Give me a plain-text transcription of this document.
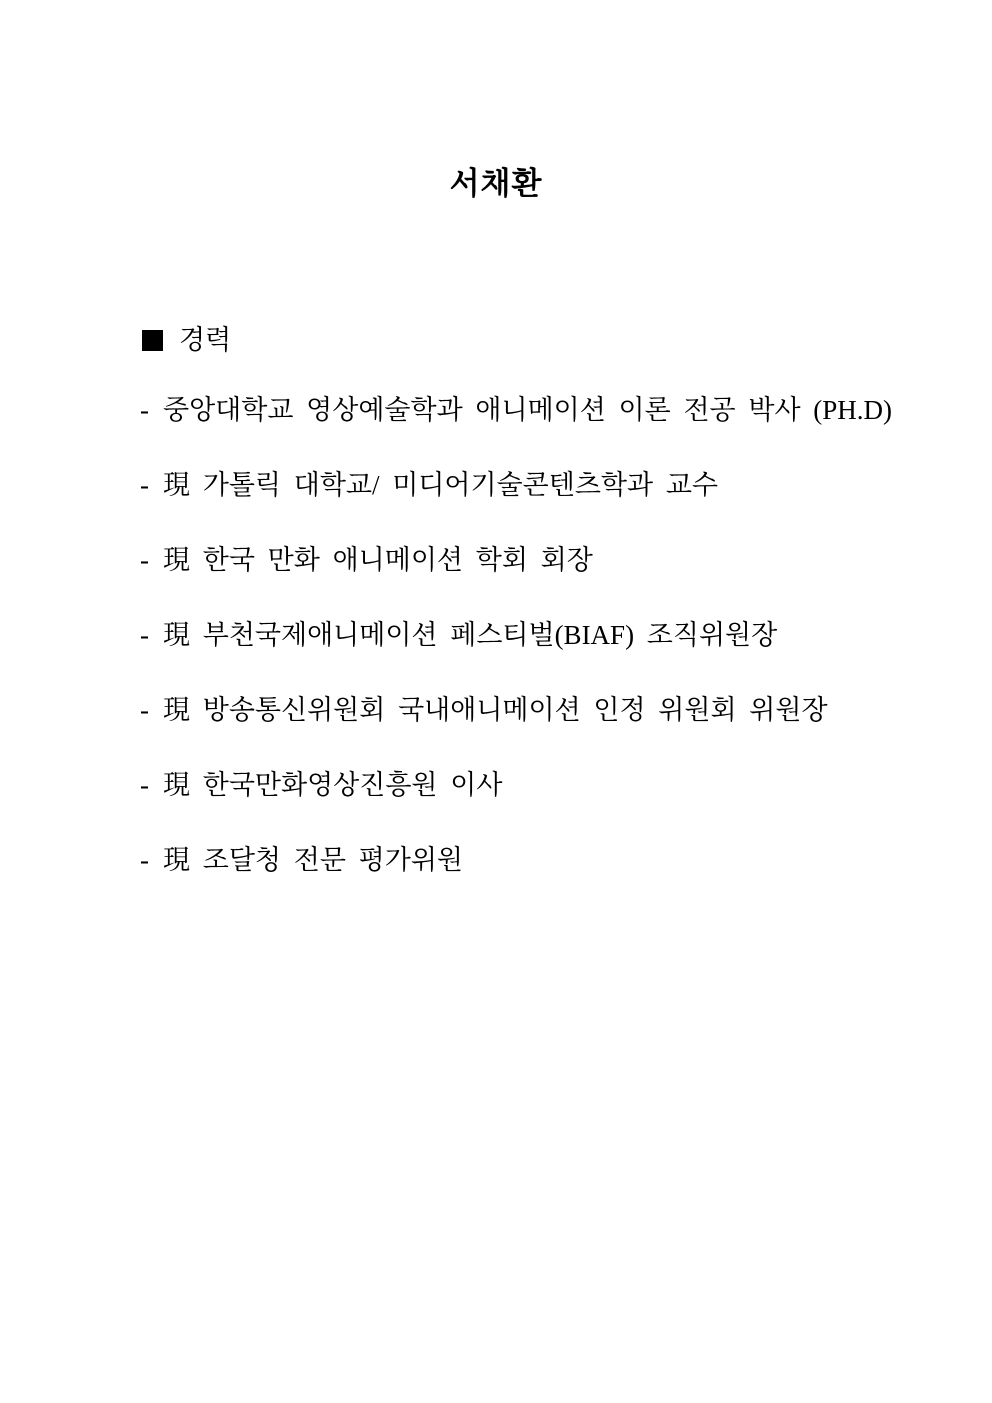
서채환
경력
- 중앙대학교 영상예술학과 애니메이션 이론 전공 박사 (PH.D)
- 現 가톨릭 대학교/ 미디어기술콘텐츠학과 교수
- 現 한국 만화 애니메이션 학회 회장
- 現 부천국제애니메이션 페스티벌(BIAF) 조직위원장
- 現 방송통신위원회 국내애니메이션 인정 위원회 위원장
- 現 한국만화영상진흥원 이사
- 現 조달청 전문 평가위원
